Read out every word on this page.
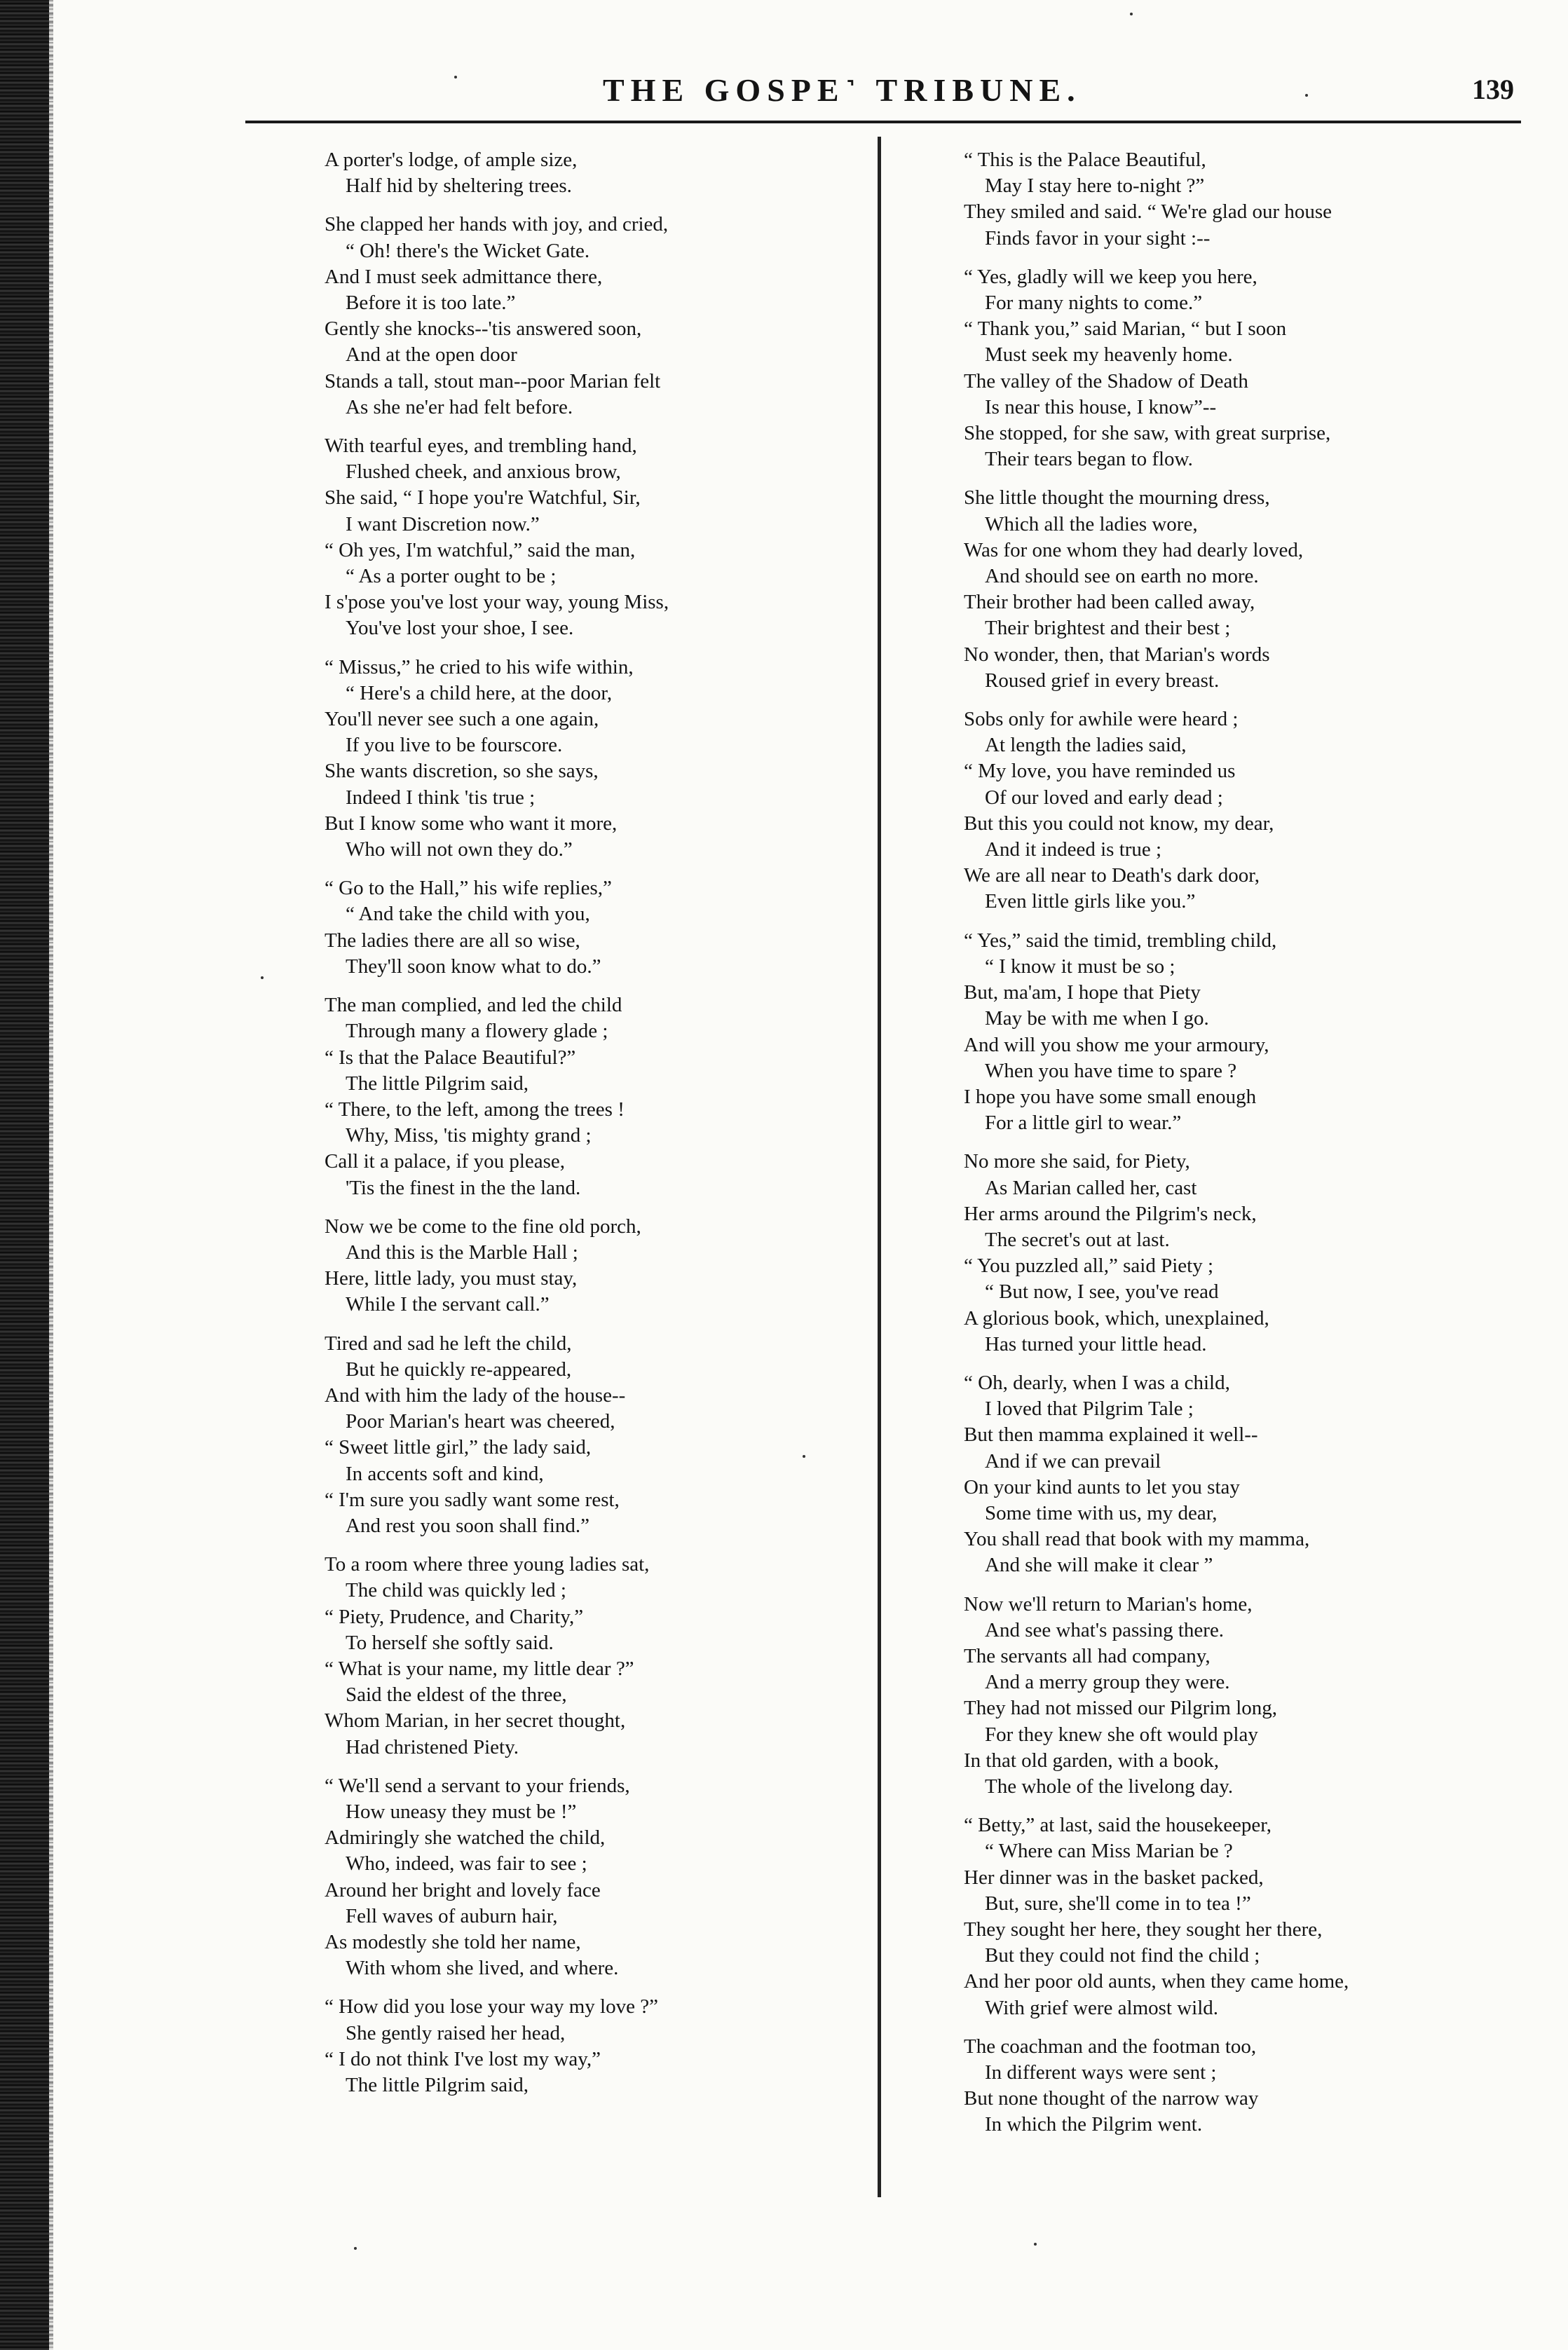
THE GOSPE˺ TRIBUNE.	139
A porter's lodge, of ample size,
Half hid by sheltering trees.
She clapped her hands with joy, and cried,
“ Oh! there's the Wicket Gate.
And I must seek admittance there,
Before it is too late.”
Gently she knocks--'tis answered soon,
And at the open door
Stands a tall, stout man--poor Marian felt
As she ne'er had felt before.
With tearful eyes, and trembling hand,
Flushed cheek, and anxious brow,
She said, “ I hope you're Watchful, Sir,
I want Discretion now.”
“ Oh yes, I'm watchful,” said the man,
“ As a porter ought to be ;
I s'pose you've lost your way, young Miss,
You've lost your shoe, I see.
“ Missus,” he cried to his wife within,
“ Here's a child here, at the door,
You'll never see such a one again,
If you live to be fourscore.
She wants discretion, so she says,
Indeed I think 'tis true ;
But I know some who want it more,
Who will not own they do.”
“ Go to the Hall,” his wife replies,”
“ And take the child with you,
The ladies there are all so wise,
They'll soon know what to do.”
The man complied, and led the child
Through many a flowery glade ;
“ Is that the Palace Beautiful?”
The little Pilgrim said,
“ There, to the left, among the trees !
Why, Miss, 'tis mighty grand ;
Call it a palace, if you please,
'Tis the finest in the the land.
Now we be come to the fine old porch,
And this is the Marble Hall ;
Here, little lady, you must stay,
While I the servant call.”
Tired and sad he left the child,
But he quickly re-appeared,
And with him the lady of the house--
Poor Marian's heart was cheered,
“ Sweet little girl,” the lady said,
In accents soft and kind,
“ I'm sure you sadly want some rest,
And rest you soon shall find.”
To a room where three young ladies sat,
The child was quickly led ;
“ Piety, Prudence, and Charity,”
To herself she softly said.
“ What is your name, my little dear ?”
Said the eldest of the three,
Whom Marian, in her secret thought,
Had christened Piety.
“ We'll send a servant to your friends,
How uneasy they must be !”
Admiringly she watched the child,
Who, indeed, was fair to see ;
Around her bright and lovely face
Fell waves of auburn hair,
As modestly she told her name,
With whom she lived, and where.
“ How did you lose your way my love ?”
She gently raised her head,
“ I do not think I've lost my way,”
The little Pilgrim said,
“ This is the Palace Beautiful,
May I stay here to-night ?”
They smiled and said. “ We're glad our house
Finds favor in your sight :--
“ Yes, gladly will we keep you here,
For many nights to come.”
“ Thank you,” said Marian, “ but I soon
Must seek my heavenly home.
The valley of the Shadow of Death
Is near this house, I know”--
She stopped, for she saw, with great surprise,
Their tears began to flow.
She little thought the mourning dress,
Which all the ladies wore,
Was for one whom they had dearly loved,
And should see on earth no more.
Their brother had been called away,
Their brightest and their best ;
No wonder, then, that Marian's words
Roused grief in every breast.
Sobs only for awhile were heard ;
At length the ladies said,
“ My love, you have reminded us
Of our loved and early dead ;
But this you could not know, my dear,
And it indeed is true ;
We are all near to Death's dark door,
Even little girls like you.”
“ Yes,” said the timid, trembling child,
“ I know it must be so ;
But, ma'am, I hope that Piety
May be with me when I go.
And will you show me your armoury,
When you have time to spare ?
I hope you have some small enough
For a little girl to wear.”
No more she said, for Piety,
As Marian called her, cast
Her arms around the Pilgrim's neck,
The secret's out at last.
“ You puzzled all,” said Piety ;
“ But now, I see, you've read
A glorious book, which, unexplained,
Has turned your little head.
“ Oh, dearly, when I was a child,
I loved that Pilgrim Tale ;
But then mamma explained it well--
And if we can prevail
On your kind aunts to let you stay
Some time with us, my dear,
You shall read that book with my mamma,
And she will make it clear ”
Now we'll return to Marian's home,
And see what's passing there.
The servants all had company,
And a merry group they were.
They had not missed our Pilgrim long,
For they knew she oft would play
In that old garden, with a book,
The whole of the livelong day.
“ Betty,” at last, said the housekeeper,
“ Where can Miss Marian be ?
Her dinner was in the basket packed,
But, sure, she'll come in to tea !”
They sought her here, they sought her there,
But they could not find the child ;
And her poor old aunts, when they came home,
With grief were almost wild.
The coachman and the footman too,
In different ways were sent ;
But none thought of the narrow way
In which the Pilgrim went.
